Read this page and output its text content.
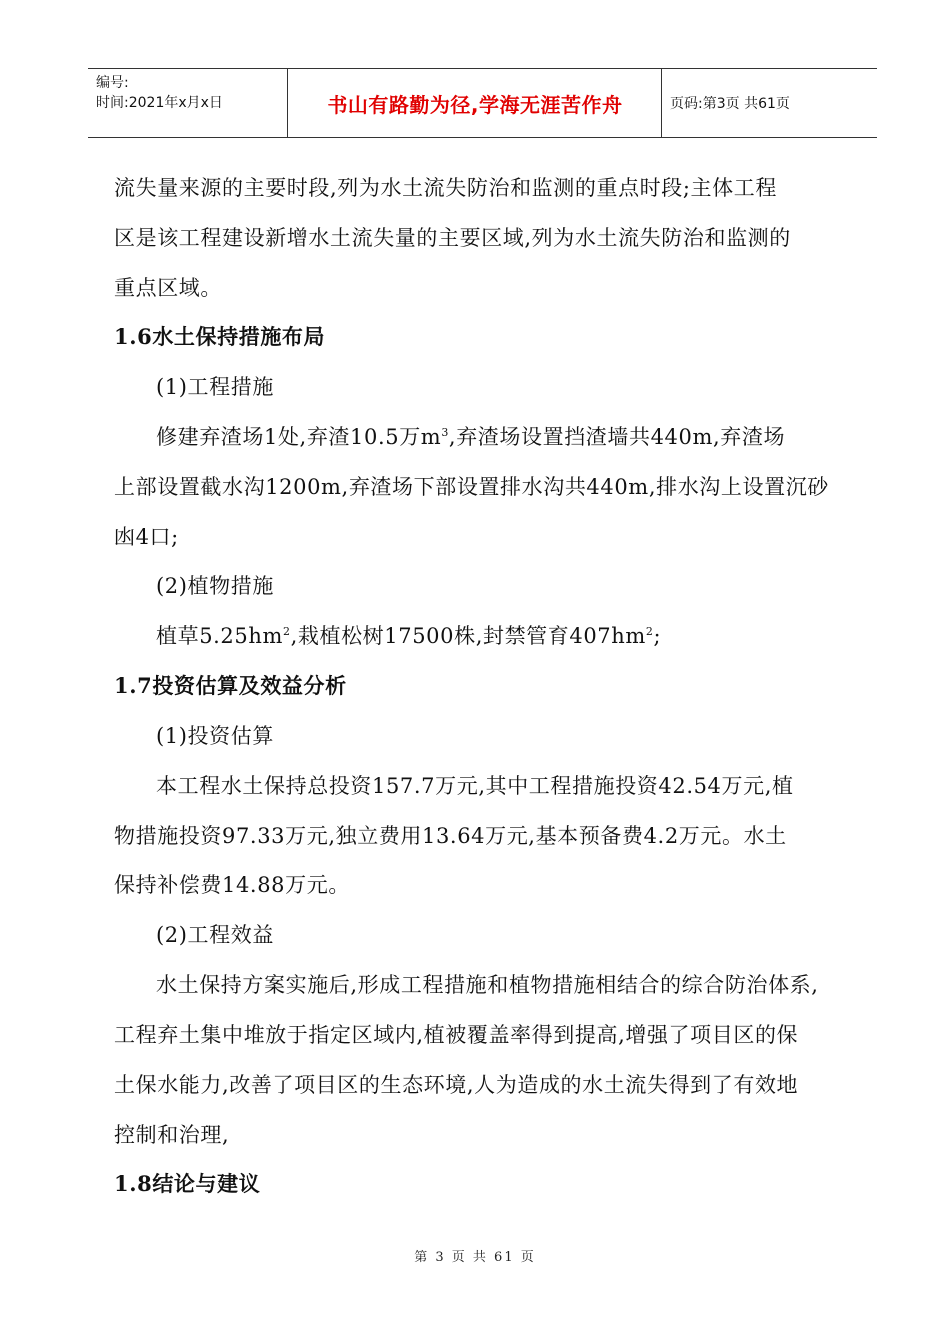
编号:
时间:2021年x月x日	书山有路勤为径,学海无涯苦作舟	页码:第3页 共61页
流失量来源的主要时段,列为水土流失防治和监测的重点时段;主体工程
区是该工程建设新增水土流失量的主要区域,列为水土流失防治和监测的
重点区域。
1.6水土保持措施布局
(1)工程措施
修建弃渣场1处,弃渣10.5万$m^3$,弃渣场设置挡渣墙共440m,弃渣场
上部设置截水沟1200m,弃渣场下部设置排水沟共440m,排水沟上设置沉砂
凼4口;
(2)植物措施
植草$5.25hm^2$,栽植松树17500株,封禁管育$407hm^2$;
1.7投资估算及效益分析
(1)投资估算
本工程水土保持总投资157.7万元,其中工程措施投资42.54万元,植
物措施投资97.33万元,独立费用13.64万元,基本预备费4.2万元。水土
保持补偿费14.88万元。
(2)工程效益
水土保持方案实施后,形成工程措施和植物措施相结合的综合防治体系,
工程弃土集中堆放于指定区域内,植被覆盖率得到提高,增强了项目区的保
土保水能力,改善了项目区的生态环境,人为造成的水土流失得到了有效地
控制和治理,
1.8结论与建议
第 3 页 共 61 页
